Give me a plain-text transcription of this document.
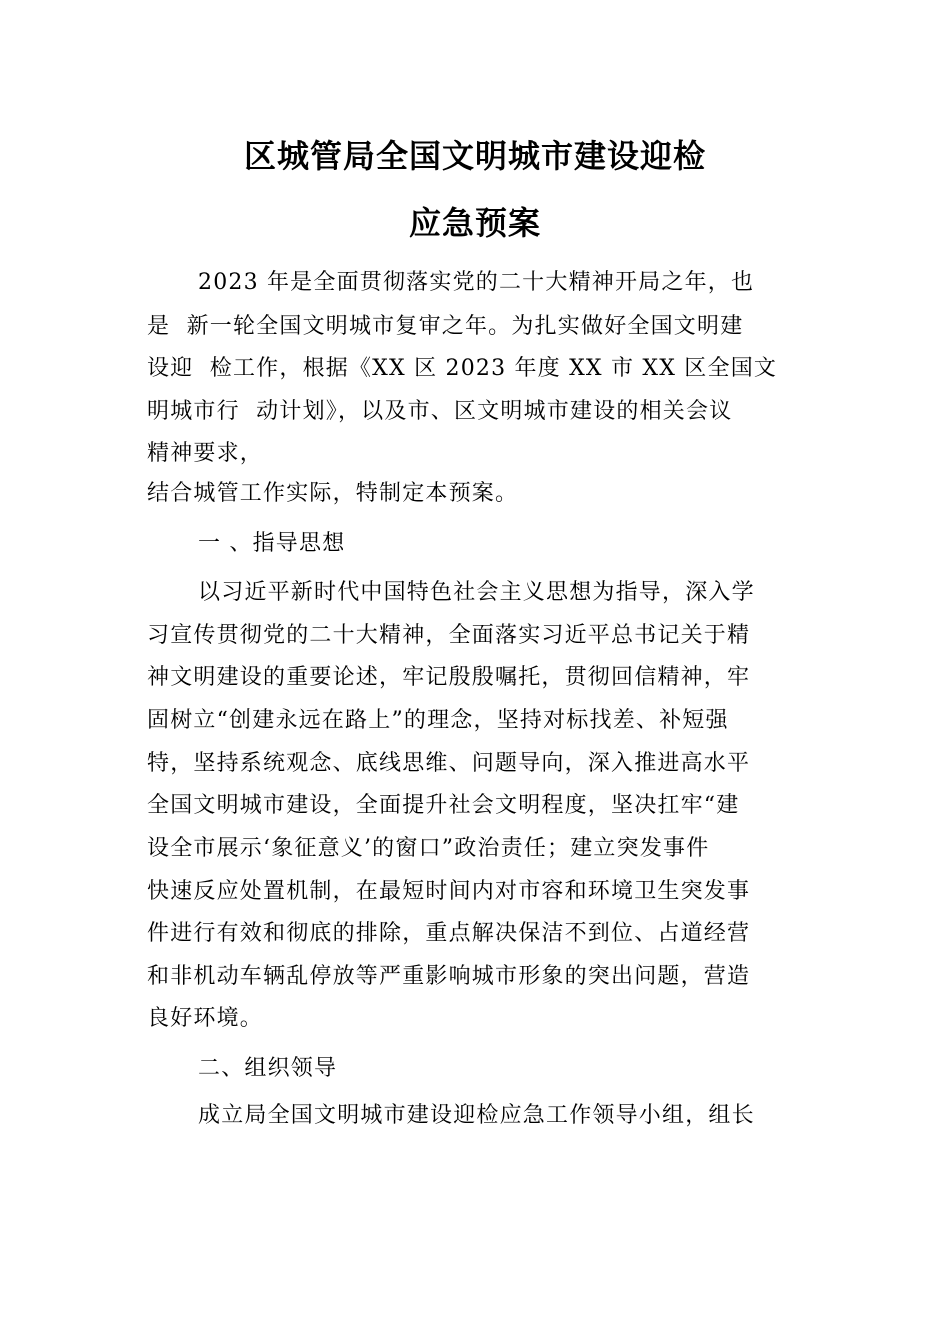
区城管局全国文明城市建设迎检
应急预案
2023 年是全面贯彻落实党的二十大精神开局之年，也
是  新一轮全国文明城市复审之年。为扎实做好全国文明建
设迎  检工作，根据《XX 区 2023 年度 XX 市 XX 区全国文
明城市行  动计划》，以及市、区文明城市建设的相关会议
精神要求，
结合城管工作实际，特制定本预案。
一 、指导思想
以习近平新时代中国特色社会主义思想为指导，深入学
习宣传贯彻党的二十大精神，全面落实习近平总书记关于精
神文明建设的重要论述，牢记殷殷嘱托，贯彻回信精神，牢
固树立“创建永远在路上”的理念，坚持对标找差、补短强
特，坚持系统观念、底线思维、问题导向，深入推进高水平
全国文明城市建设，全面提升社会文明程度，坚决扛牢“建
设全市展示‘象征意义’的窗口”政治责任；建立突发事件
快速反应处置机制，在最短时间内对市容和环境卫生突发事
件进行有效和彻底的排除，重点解决保洁不到位、占道经营
和非机动车辆乱停放等严重影响城市形象的突出问题，营造
良好环境。
二、组织领导
成立局全国文明城市建设迎检应急工作领导小组，组长
